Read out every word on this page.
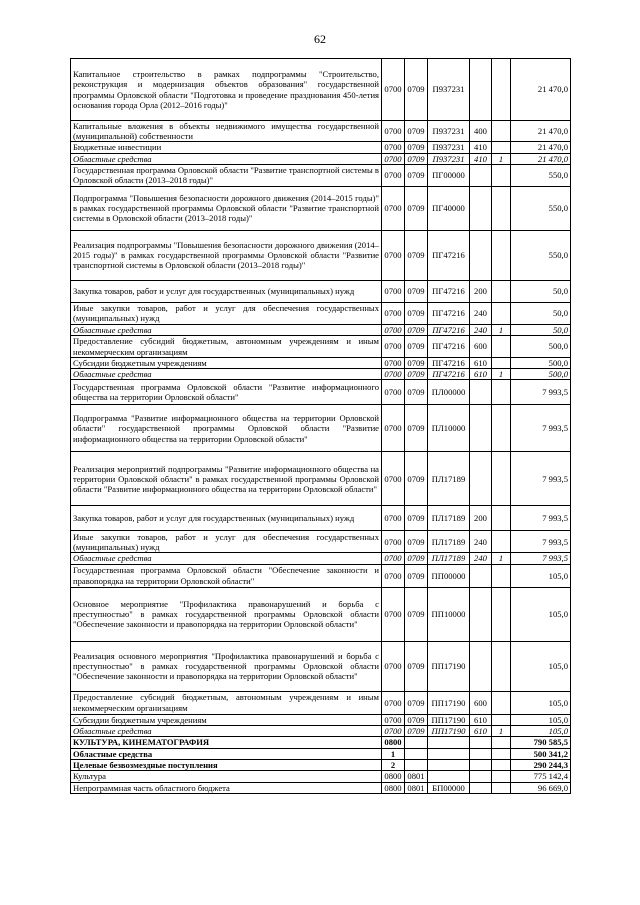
62
Капитальное строительство в рамках подпрограммы "Строительство, реконструкция и модернизация объектов образования" государственной программы Орловской области "Подготовка и проведение празднования 450-летия основания города Орла (2012–2016 годы)"	0700	0709	П937231			21 470,0
Капитальные вложения в объекты недвижимого имущества государственной (муниципальной) собственности	0700	0709	П937231	400		21 470,0
Бюджетные инвестиции	0700	0709	П937231	410		21 470,0
Областные средства	0700	0709	П937231	410	1	21 470,0
Государственная программа Орловской области "Развитие транспортной системы в Орловской области (2013–2018 годы)"	0700	0709	ПГ00000			550,0
Подпрограмма "Повышения безопасности дорожного движения (2014–2015 годы)" в рамках государственной программы Орловской области "Развитие транспортной системы в Орловской области (2013–2018 годы)"	0700	0709	ПГ40000			550,0
Реализация подпрограммы "Повышения безопасности дорожного движения (2014–2015 годы)" в рамках государственной программы Орловской области "Развитие транспортной системы в Орловской области (2013–2018 годы)"	0700	0709	ПГ47216			550,0
Закупка товаров, работ и услуг для государственных (муниципальных) нужд	0700	0709	ПГ47216	200		50,0
Иные закупки товаров, работ и услуг для обеспечения государственных (муниципальных) нужд	0700	0709	ПГ47216	240		50,0
Областные средства	0700	0709	ПГ47216	240	1	50,0
Предоставление субсидий бюджетным, автономным учреждениям и иным некоммерческим организациям	0700	0709	ПГ47216	600		500,0
Субсидии бюджетным учреждениям	0700	0709	ПГ47216	610		500,0
Областные средства	0700	0709	ПГ47216	610	1	500,0
Государственная программа Орловской области "Развитие информационного общества на территории Орловской области"	0700	0709	ПЛ00000			7 993,5
Подпрограмма "Развитие информационного общества на территории Орловской области" государственной программы Орловской области "Развитие информационного общества на территории Орловской области"	0700	0709	ПЛ10000			7 993,5
Реализация мероприятий подпрограммы "Развитие информационного общества на территории Орловской области" в рамках государственной программы Орловской области "Развитие информационного общества на территории Орловской области"	0700	0709	ПЛ17189			7 993,5
Закупка товаров, работ и услуг для государственных (муниципальных) нужд	0700	0709	ПЛ17189	200		7 993,5
Иные закупки товаров, работ и услуг для обеспечения государственных (муниципальных) нужд	0700	0709	ПЛ17189	240		7 993,5
Областные средства	0700	0709	ПЛ17189	240	1	7 993,5
Государственная программа Орловской области "Обеспечение законности и правопорядка на территории Орловской области"	0700	0709	ПП00000			105,0
Основное мероприятие "Профилактика правонарушений и борьба с преступностью" в рамках государственной программы Орловской области "Обеспечение законности и правопорядка на территории Орловской области"	0700	0709	ПП10000			105,0
Реализация основного мероприятия "Профилактика правонарушений и борьба с преступностью" в рамках государственной программы Орловской области "Обеспечение законности и правопорядка на территории Орловской области"	0700	0709	ПП17190			105,0
Предоставление субсидий бюджетным, автономным учреждениям и иным некоммерческим организациям	0700	0709	ПП17190	600		105,0
Субсидии бюджетным учреждениям	0700	0709	ПП17190	610		105,0
Областные средства	0700	0709	ПП17190	610	1	105,0
КУЛЬТУРА, КИНЕМАТОГРАФИЯ	0800					790 585,5
Областные средства	1					500 341,2
Целевые безвозмездные поступления	2					290 244,3
Культура	0800	0801				775 142,4
Непрограммная часть областного бюджета	0800	0801	БП00000			96 669,0
